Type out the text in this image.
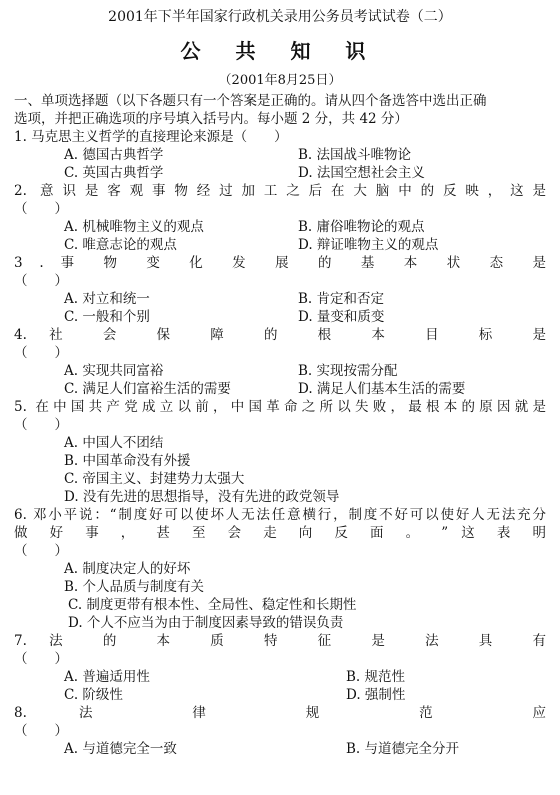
2001年下半年国家行政机关录用公务员考试试卷（二）
公 共 知 识
（2001年8月25日）
一、单项选择题（以下各题只有一个答案是正确的。请从四个备选答中选出正确
选项，并把正确选项的序号填入括号内。每小题 2 分，共 42 分）
1. 马克思主义哲学的直接理论来源是（　　）
A. 德国古典哲学	B. 法国战斗唯物论
C. 英国古典哲学	D. 法国空想社会主义
2. 意识是客观事物经过加工之后在大脑中的反映，这是
（　　）
A. 机械唯物主义的观点	B. 庸俗唯物论的观点
C. 唯意志论的观点	D. 辩证唯物主义的观点
3 . 事 物 变 化 发 展 的 基 本 状 态 是
（　　）
A. 对立和统一	B. 肯定和否定
C. 一般和个别	D. 量变和质变
4. 社 会 保 障 的 根 本 目 标 是
（　　）
A. 实现共同富裕	B. 实现按需分配
C. 满足人们富裕生活的需要	D. 满足人们基本生活的需要
5. 在中国共产党成立以前，中国革命之所以失败，最根本的原因就是
（　　）
A. 中国人不团结
B. 中国革命没有外援
C. 帝国主义、封建势力太强大
D. 没有先进的思想指导，没有先进的政党领导
6. 邓小平说：“制度好可以使坏人无法任意横行，制度不好可以使好人无法充分
做 好 事 ， 甚 至 会 走 向 反 面 。 ” 这 表 明
（　　）
A. 制度决定人的好坏
B. 个人品质与制度有关
C. 制度更带有根本性、全局性、稳定性和长期性
D. 个人不应当为由于制度因素导致的错误负责
7. 法 的 本 质 特 征 是 法 具 有
（　　）
A. 普遍适用性	B. 规范性
C. 阶级性	D. 强制性
8. 法 律 规 范 应
（　　）
A. 与道德完全一致	B. 与道德完全分开
